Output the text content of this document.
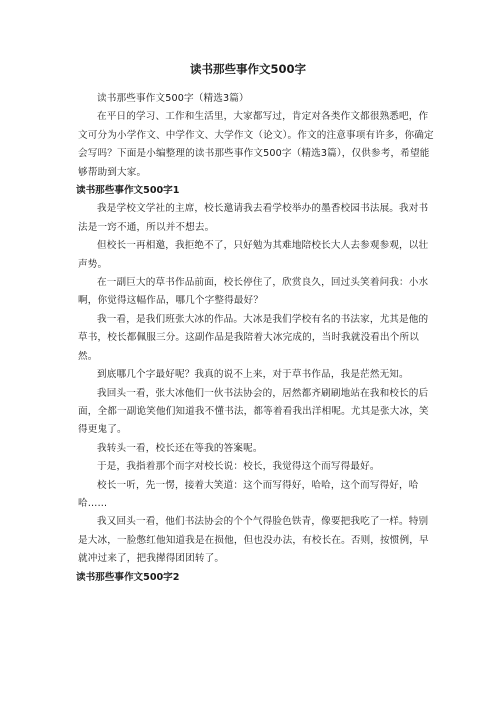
读书那些事作文500字

读书那些事作文500字（精选3篇）

在平日的学习、工作和生活里，大家都写过，肯定对各类作文都很熟悉吧，作文可分为小学作文、中学作文、大学作文（论文）。作文的注意事项有许多，你确定会写吗？下面是小编整理的读书那些事作文500字（精选3篇），仅供参考，希望能够帮助到大家。

读书那些事作文500字1

我是学校文学社的主席，校长邀请我去看学校举办的墨香校园书法展。我对书法是一窍不通，所以并不想去。

但校长一再相邀，我拒绝不了，只好勉为其难地陪校长大人去参观参观，以壮声势。

在一副巨大的草书作品前面，校长停住了，欣赏良久，回过头笑着问我：小水啊，你觉得这幅作品，哪几个字整得最好？

我一看，是我们班张大冰的作品。大冰是我们学校有名的书法家，尤其是他的草书，校长都佩服三分。这副作品是我陪着大冰完成的，当时我就没看出个所以然。

到底哪几个字最好呢？我真的说不上来，对于草书作品，我是茫然无知。

我回头一看，张大冰他们一伙书法协会的，居然都齐刷刷地站在我和校长的后面，全都一副诡笑他们知道我不懂书法，都等着看我出洋相呢。尤其是张大冰，笑得更鬼了。

我转头一看，校长还在等我的答案呢。

于是，我指着那个而字对校长说：校长，我觉得这个而写得最好。

校长一听，先一愣，接着大笑道：这个而写得好，哈哈，这个而写得好，哈哈……

我又回头一看，他们书法协会的个个气得脸色铁青，像要把我吃了一样。特别是大冰，一脸憋红他知道我是在损他，但也没办法，有校长在。否则，按惯例，早就冲过来了，把我撵得团团转了。

读书那些事作文500字2
